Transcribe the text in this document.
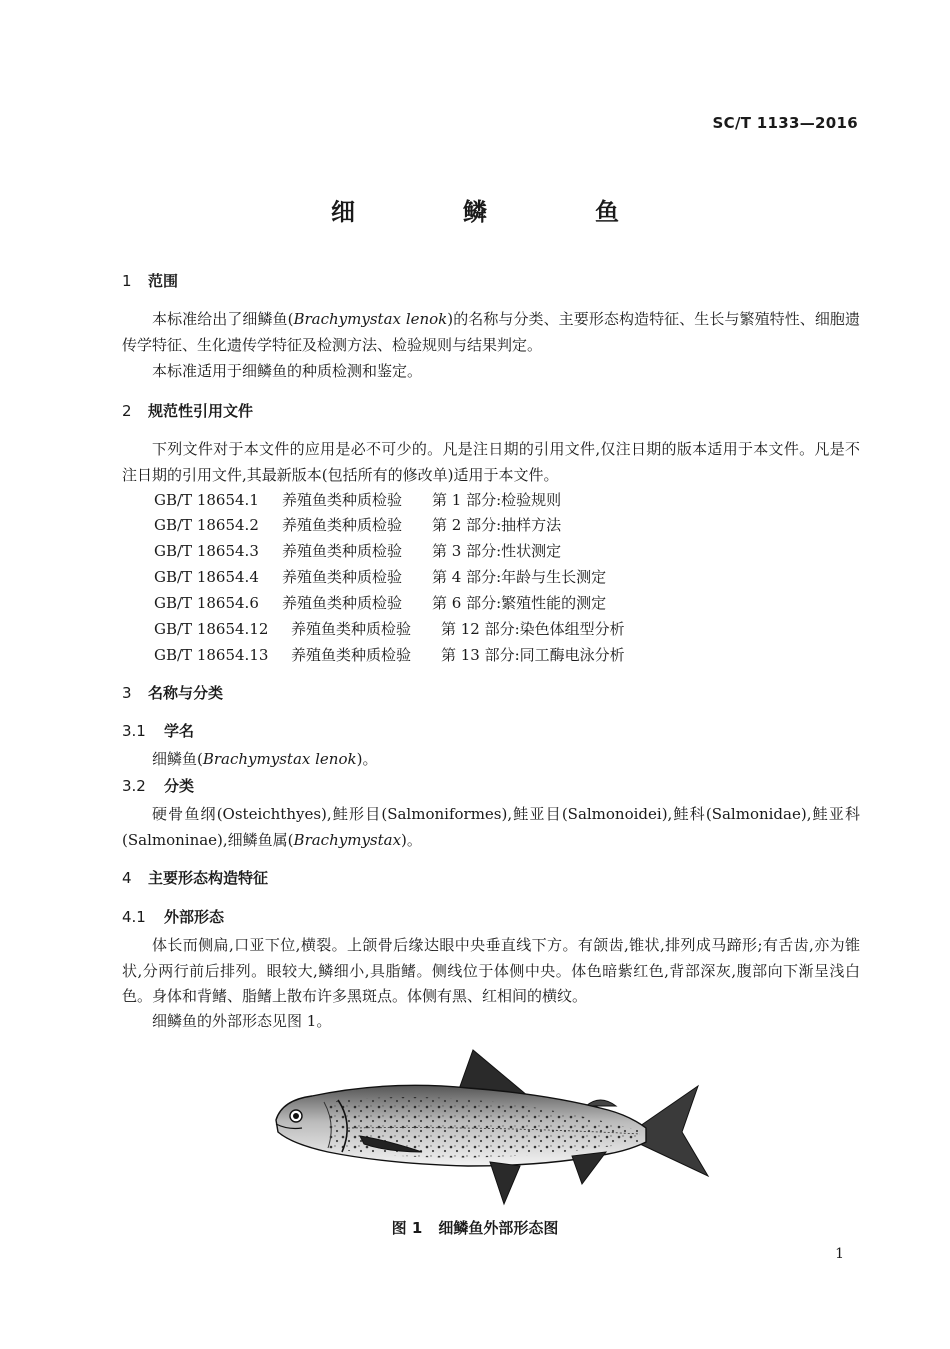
SC/T 1133—2016
细　鳞　鱼
1 范围
本标准给出了细鳞鱼(Brachymystax lenok)的名称与分类、主要形态构造特征、生长与繁殖特性、细胞遗传学特征、生化遗传学特征及检测方法、检验规则与结果判定。
本标准适用于细鳞鱼的种质检测和鉴定。
2 规范性引用文件
下列文件对于本文件的应用是必不可少的。凡是注日期的引用文件,仅注日期的版本适用于本文件。凡是不注日期的引用文件,其最新版本(包括所有的修改单)适用于本文件。
GB/T 18654.1 养殖鱼类种质检验 第 1 部分:检验规则
GB/T 18654.2 养殖鱼类种质检验 第 2 部分:抽样方法
GB/T 18654.3 养殖鱼类种质检验 第 3 部分:性状测定
GB/T 18654.4 养殖鱼类种质检验 第 4 部分:年龄与生长测定
GB/T 18654.6 养殖鱼类种质检验 第 6 部分:繁殖性能的测定
GB/T 18654.12 养殖鱼类种质检验 第 12 部分:染色体组型分析
GB/T 18654.13 养殖鱼类种质检验 第 13 部分:同工酶电泳分析
3 名称与分类
3.1 学名
细鳞鱼(Brachymystax lenok)。
3.2 分类
硬骨鱼纲(Osteichthyes),鲑形目(Salmoniformes),鲑亚目(Salmonoidei),鲑科(Salmonidae),鲑亚科(Salmoninae),细鳞鱼属(Brachymystax)。
4 主要形态构造特征
4.1 外部形态
体长而侧扁,口亚下位,横裂。上颌骨后缘达眼中央垂直线下方。有颌齿,锥状,排列成马蹄形;有舌齿,亦为锥状,分两行前后排列。眼较大,鳞细小,具脂鳍。侧线位于体侧中央。体色暗紫红色,背部深灰,腹部向下渐呈浅白色。身体和背鳍、脂鳍上散布许多黑斑点。体侧有黑、红相间的横纹。
细鳞鱼的外部形态见图 1。
图 1 细鳞鱼外部形态图
1
